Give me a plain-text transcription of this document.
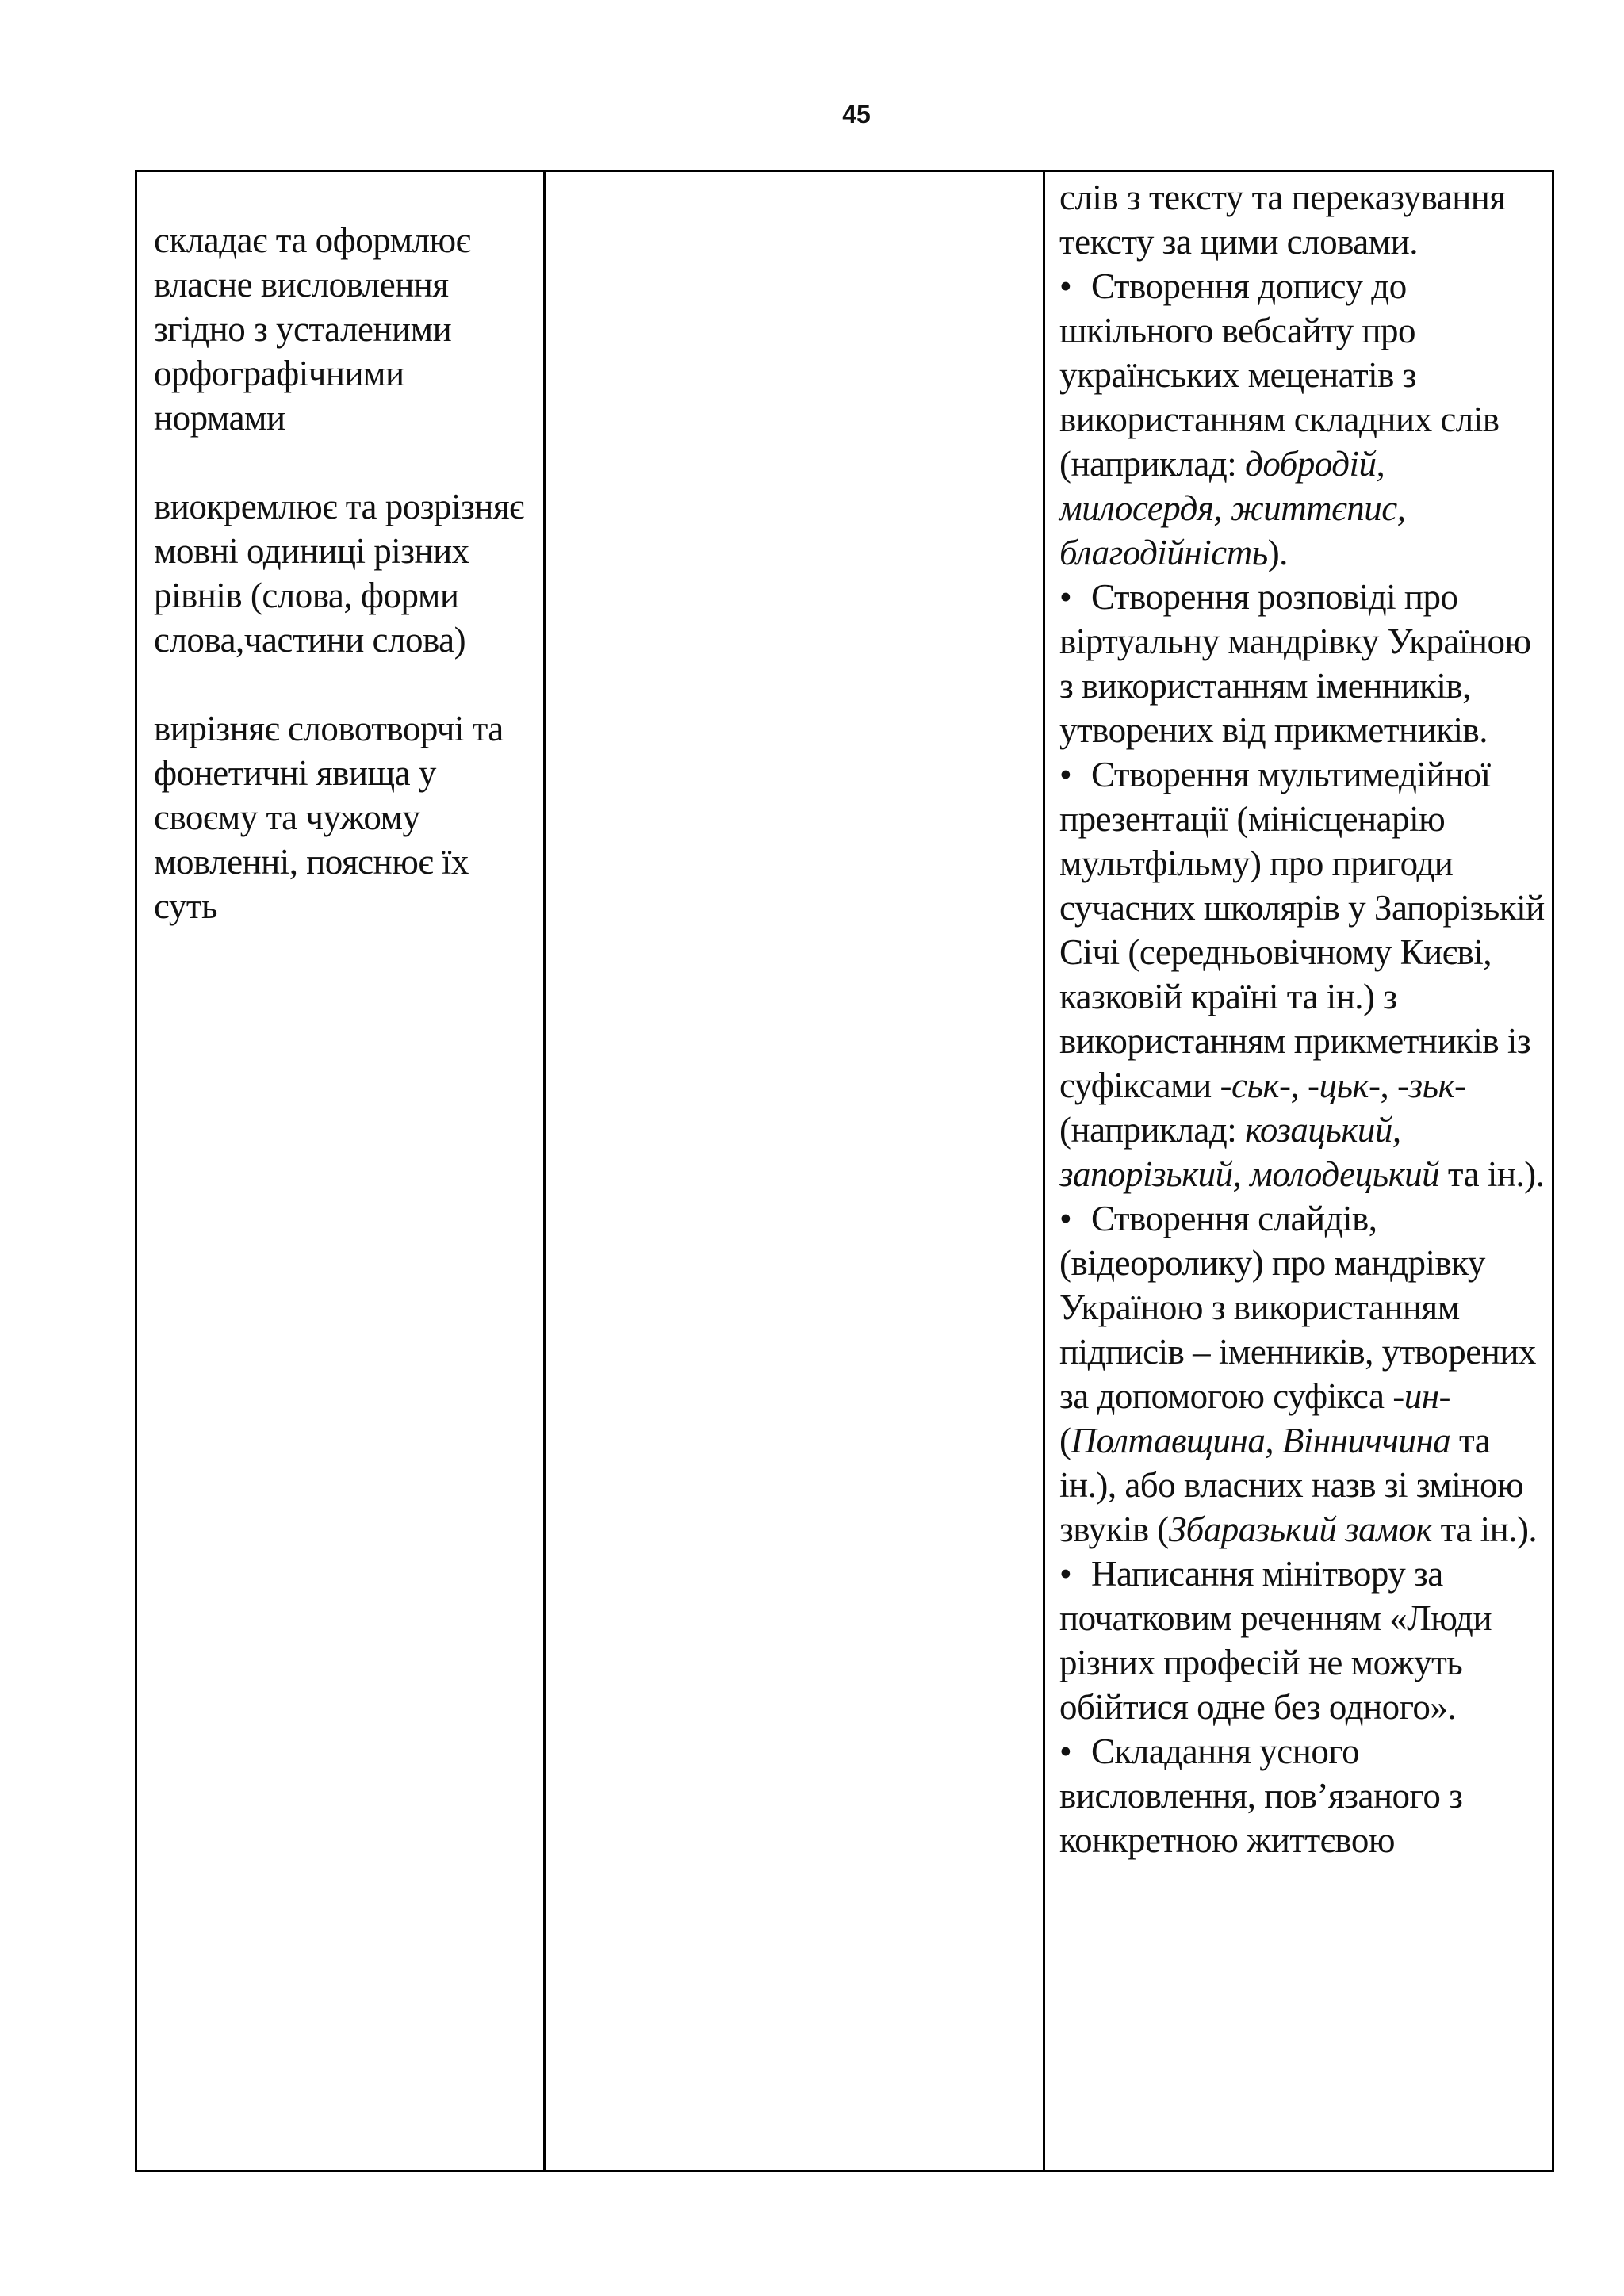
45

складає та оформлює власне висловлення згідно з усталеними орфографічними нормами

виокремлює та розрізняє мовні одиниці різних рівнів (слова, форми слова,частини слова)

вирізняє словотворчі та фонетичні явища у своєму та чужому мовленні, пояснює їх суть

слів з тексту та переказування тексту за цими словами.

• Створення допису до шкільного вебсайту про українських меценатів з використанням складних слів (наприклад: добродій, милосердя, життєпис, благодійність).

• Створення розповіді про віртуальну мандрівку Україною з використанням іменників, утворених від прикметників.

• Створення мультимедійної презентації (мінісценарію мультфільму) про пригоди сучасних школярів у Запорізькій Січі (середньовічному Києві, казковій країні та ін.) з використанням прикметників із суфіксами -ськ-, -цьк-, -зьк- (наприклад: козацький, запорізький, молодецький та ін.).

• Створення слайдів, (відеоролику) про мандрівку Україною з використанням підписів – іменників, утворених за допомогою суфікса -ин- (Полтавщина, Вінниччина та ін.), або власних назв зі зміною звуків (Збаразький замок та ін.).

• Написання мінітвору за початковим реченням «Люди різних професій не можуть обійтися одне без одного».

• Складання усного висловлення, пов’язаного з конкретною життєвою
